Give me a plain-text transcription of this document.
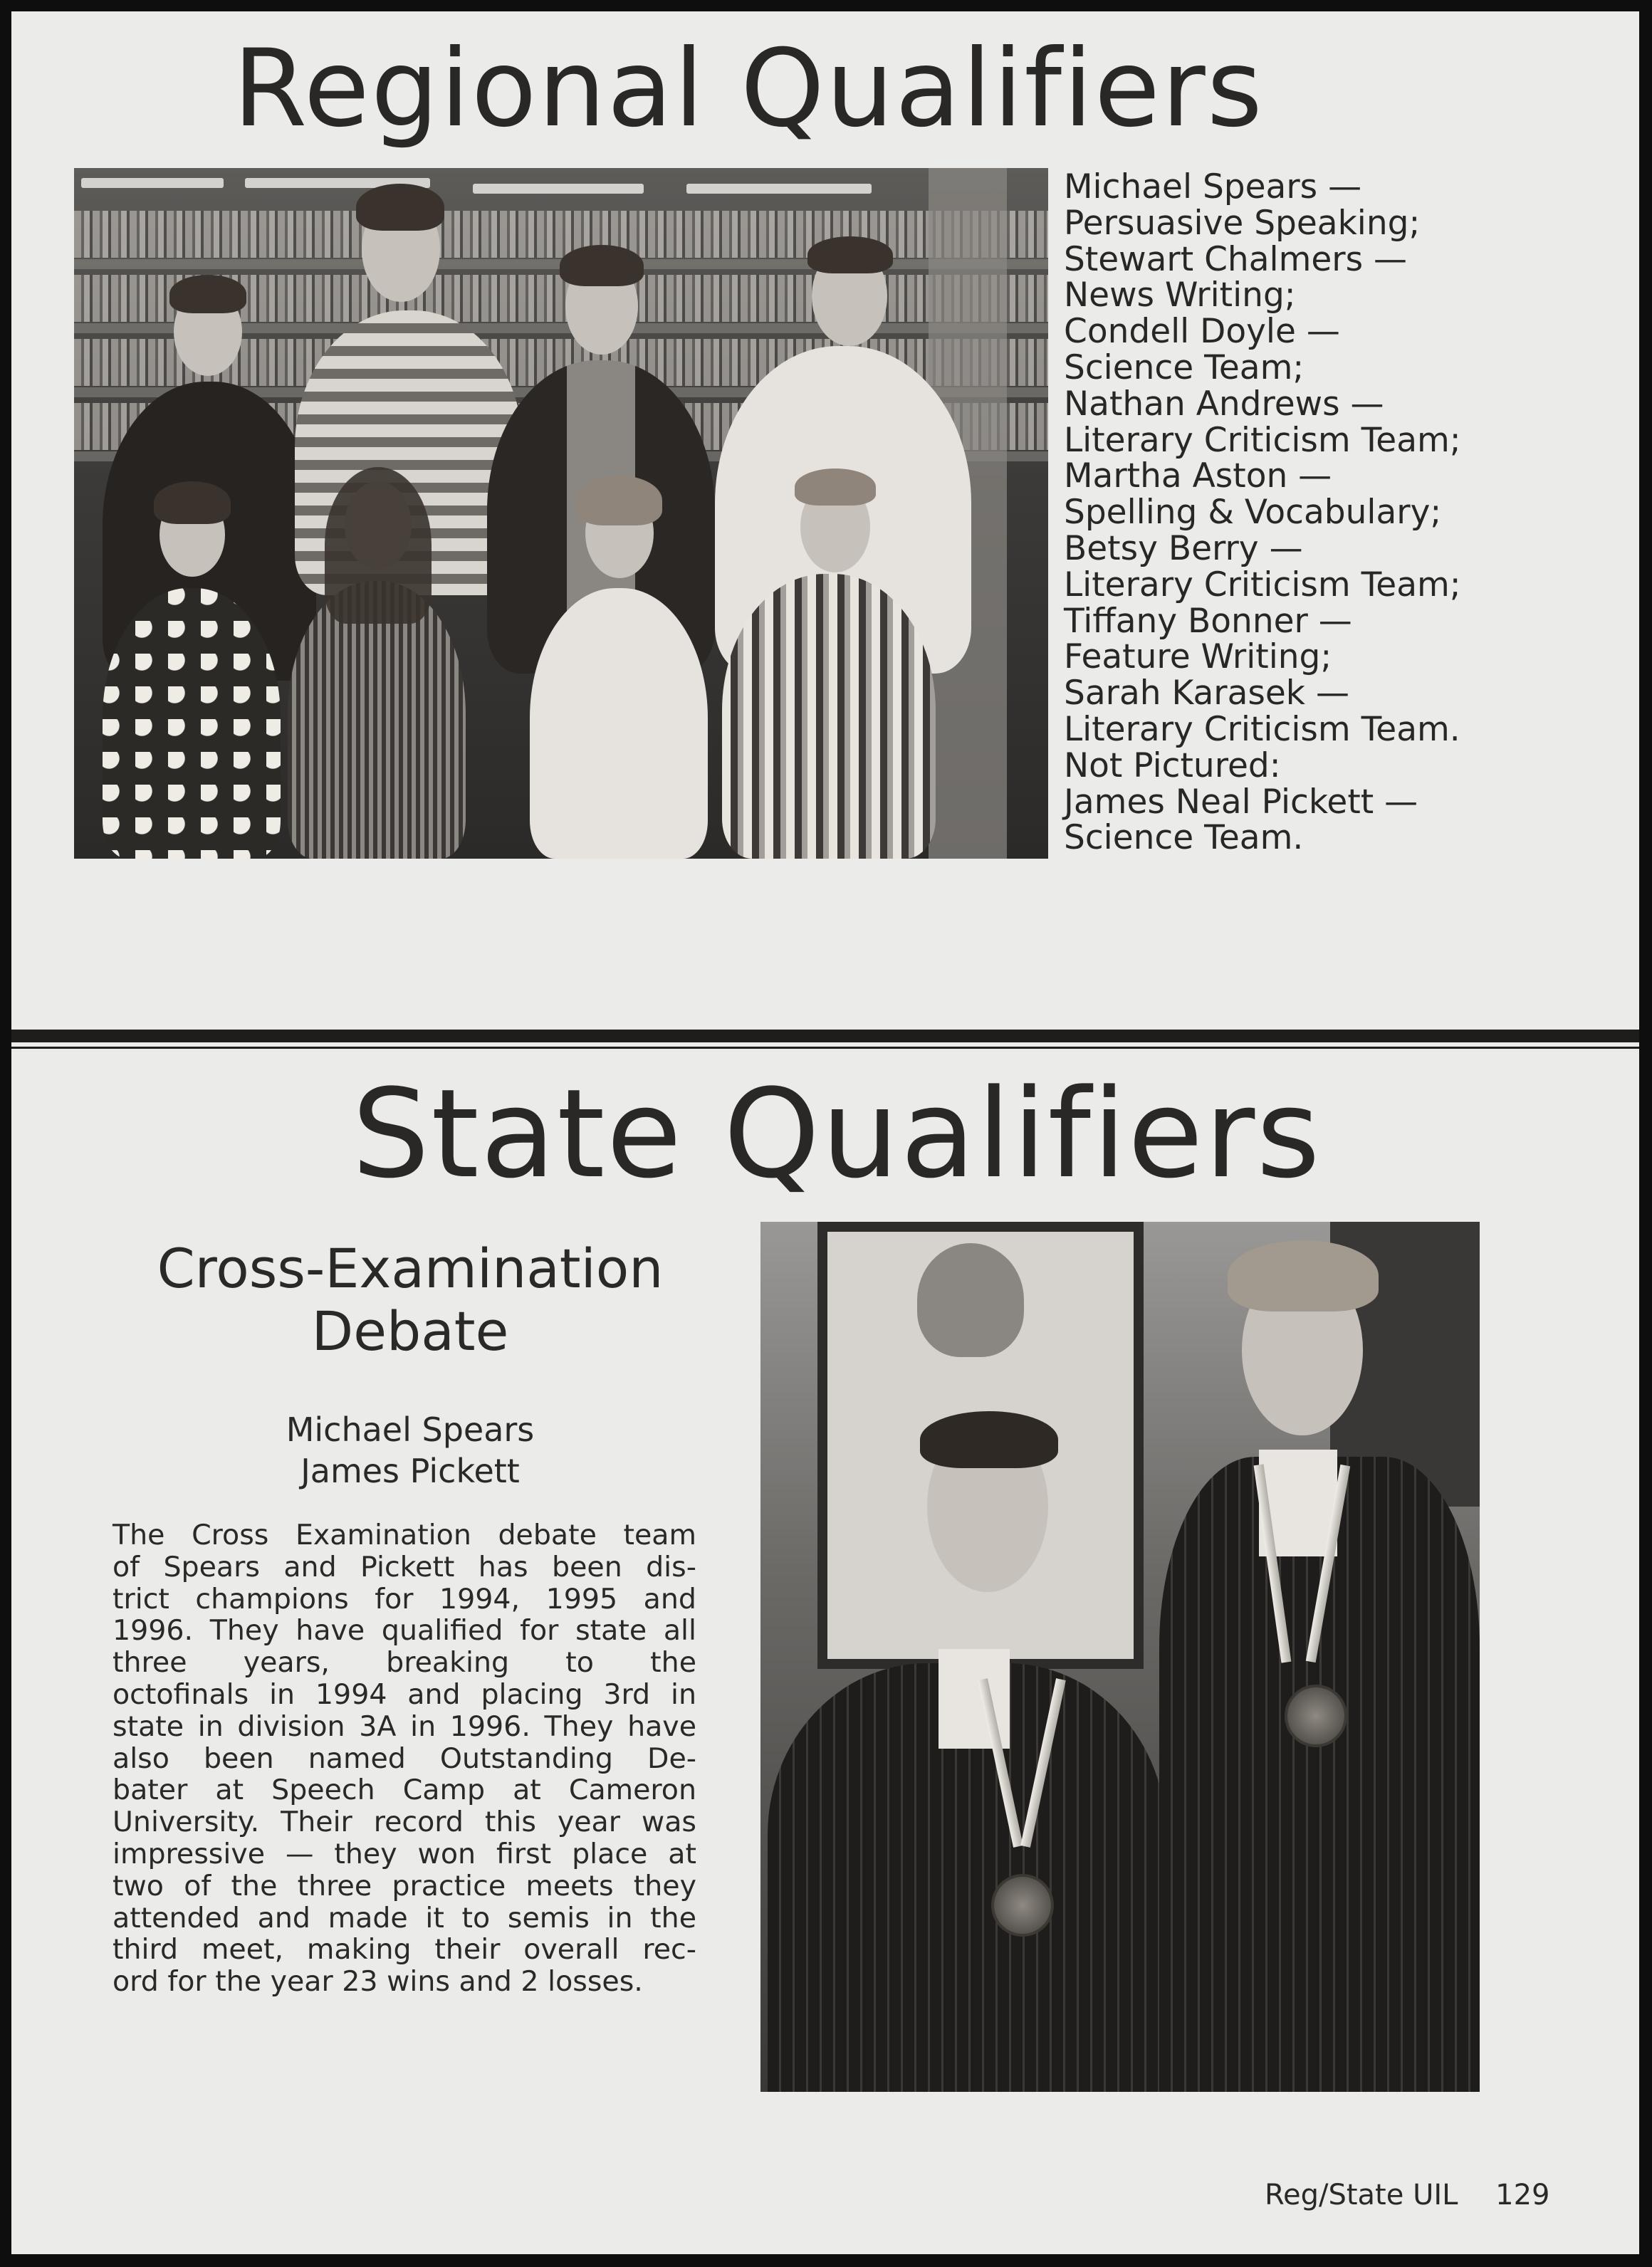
Regional Qualifiers
Michael Spears —
Persuasive Speaking;
Stewart Chalmers —
News Writing;
Condell Doyle —
Science Team;
Nathan Andrews —
Literary Criticism Team;
Martha Aston —
Spelling & Vocabulary;
Betsy Berry —
Literary Criticism Team;
Tiffany Bonner —
Feature Writing;
Sarah Karasek —
Literary Criticism Team.
Not Pictured:
James Neal Pickett —
Science Team.
State Qualifiers
Cross-Examination
Debate
Michael Spears
James Pickett
The Cross Examination debate team
of Spears and Pickett has been dis-
trict champions for 1994, 1995 and
1996. They have qualified for state all
three years, breaking to the
octofinals in 1994 and placing 3rd in
state in division 3A in 1996. They have
also been named Outstanding De-
bater at Speech Camp at Cameron
University. Their record this year was
impressive — they won first place at
two of the three practice meets they
attended and made it to semis in the
third meet, making their overall rec-
ord for the year 23 wins and 2 losses.
Reg/State UIL 129
